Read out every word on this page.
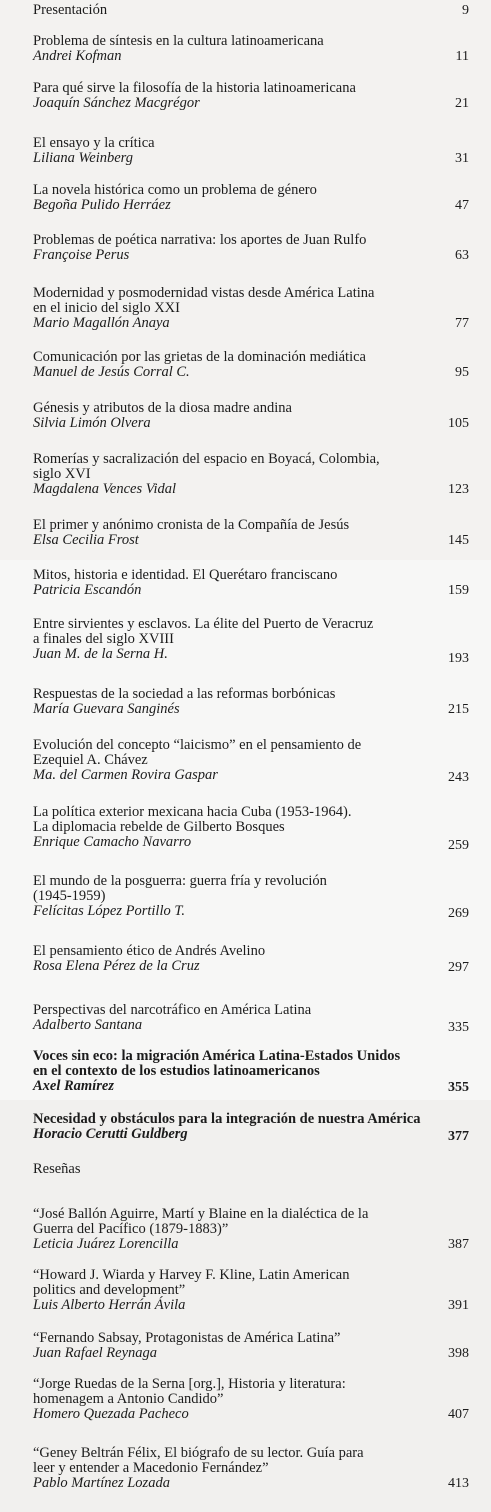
Presentación	9
Problema de síntesis en la cultura latinoamericana
Andrei Kofman	11
Para qué sirve la filosofía de la historia latinoamericana
Joaquín Sánchez Macgrégor	21
El ensayo y la crítica
Liliana Weinberg	31
La novela histórica como un problema de género
Begoña Pulido Herráez	47
Problemas de poética narrativa: los aportes de Juan Rulfo
Françoise Perus	63
Modernidad y posmodernidad vistas desde América Latina
en el inicio del siglo XXI
Mario Magallón Anaya	77
Comunicación por las grietas de la dominación mediática
Manuel de Jesús Corral C.	95
Génesis y atributos de la diosa madre andina
Silvia Limón Olvera	105
Romerías y sacralización del espacio en Boyacá, Colombia,
siglo XVI
Magdalena Vences Vidal	123
El primer y anónimo cronista de la Compañía de Jesús
Elsa Cecilia Frost	145
Mitos, historia e identidad. El Querétaro franciscano
Patricia Escandón	159
Entre sirvientes y esclavos. La élite del Puerto de Veracruz
a finales del siglo XVIII
Juan M. de la Serna H.	193
Respuestas de la sociedad a las reformas borbónicas
María Guevara Sanginés	215
Evolución del concepto “laicismo” en el pensamiento de
Ezequiel A. Chávez
Ma. del Carmen Rovira Gaspar	243
La política exterior mexicana hacia Cuba (1953-1964).
La diplomacia rebelde de Gilberto Bosques
Enrique Camacho Navarro	259
El mundo de la posguerra: guerra fría y revolución
(1945-1959)
Felícitas López Portillo T.	269
El pensamiento ético de Andrés Avelino
Rosa Elena Pérez de la Cruz	297
Perspectivas del narcotráfico en América Latina
Adalberto Santana	335
Voces sin eco: la migración América Latina-Estados Unidos
en el contexto de los estudios latinoamericanos
Axel Ramírez	355
Necesidad y obstáculos para la integración de nuestra América
Horacio Cerutti Guldberg	377
Reseñas
“José Ballón Aguirre, Martí y Blaine en la dialéctica de la
Guerra del Pacífico (1879-1883)”
Leticia Juárez Lorencilla	387
“Howard J. Wiarda y Harvey F. Kline, Latin American
politics and development”
Luis Alberto Herrán Ávila	391
“Fernando Sabsay, Protagonistas de América Latina”
Juan Rafael Reynaga	398
“Jorge Ruedas de la Serna [org.], Historia y literatura:
homenagem a Antonio Candido”
Homero Quezada Pacheco	407
“Geney Beltrán Félix, El biógrafo de su lector. Guía para
leer y entender a Macedonio Fernández”
Pablo Martínez Lozada	413
